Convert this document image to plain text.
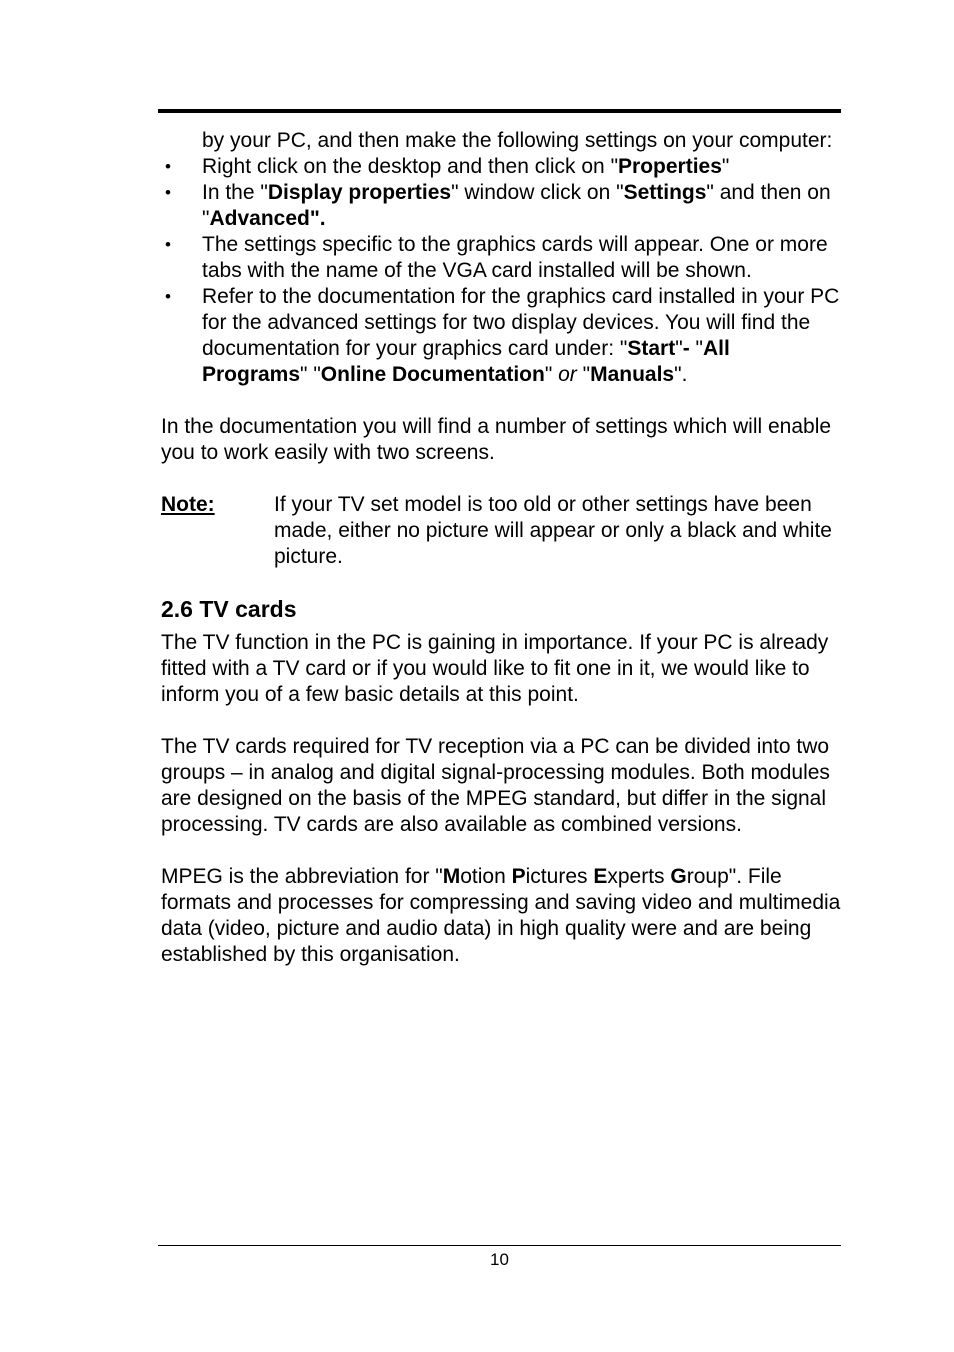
by your PC, and then make the following settings on your computer:

• Right click on the desktop and then click on "Properties"
• In the "Display properties" window click on "Settings" and then on "Advanced".
• The settings specific to the graphics cards will appear. One or more tabs with the name of the VGA card installed will be shown.
• Refer to the documentation for the graphics card installed in your PC for the advanced settings for two display devices. You will find the documentation for your graphics card under: "Start"- "All Programs" "Online Documentation" or "Manuals".

In the documentation you will find a number of settings which will enable you to work easily with two screens.

Note:	If your TV set model is too old or other settings have been made, either no picture will appear or only a black and white picture.
2.6 TV cards

The TV function in the PC is gaining in importance. If your PC is already fitted with a TV card or if you would like to fit one in it, we would like to inform you of a few basic details at this point.

The TV cards required for TV reception via a PC can be divided into two groups – in analog and digital signal-processing modules. Both modules are designed on the basis of the MPEG standard, but differ in the signal processing. TV cards are also available as combined versions.

MPEG is the abbreviation for "Motion Pictures Experts Group". File formats and processes for compressing and saving video and multimedia data (video, picture and audio data) in high quality were and are being established by this organisation.

10
